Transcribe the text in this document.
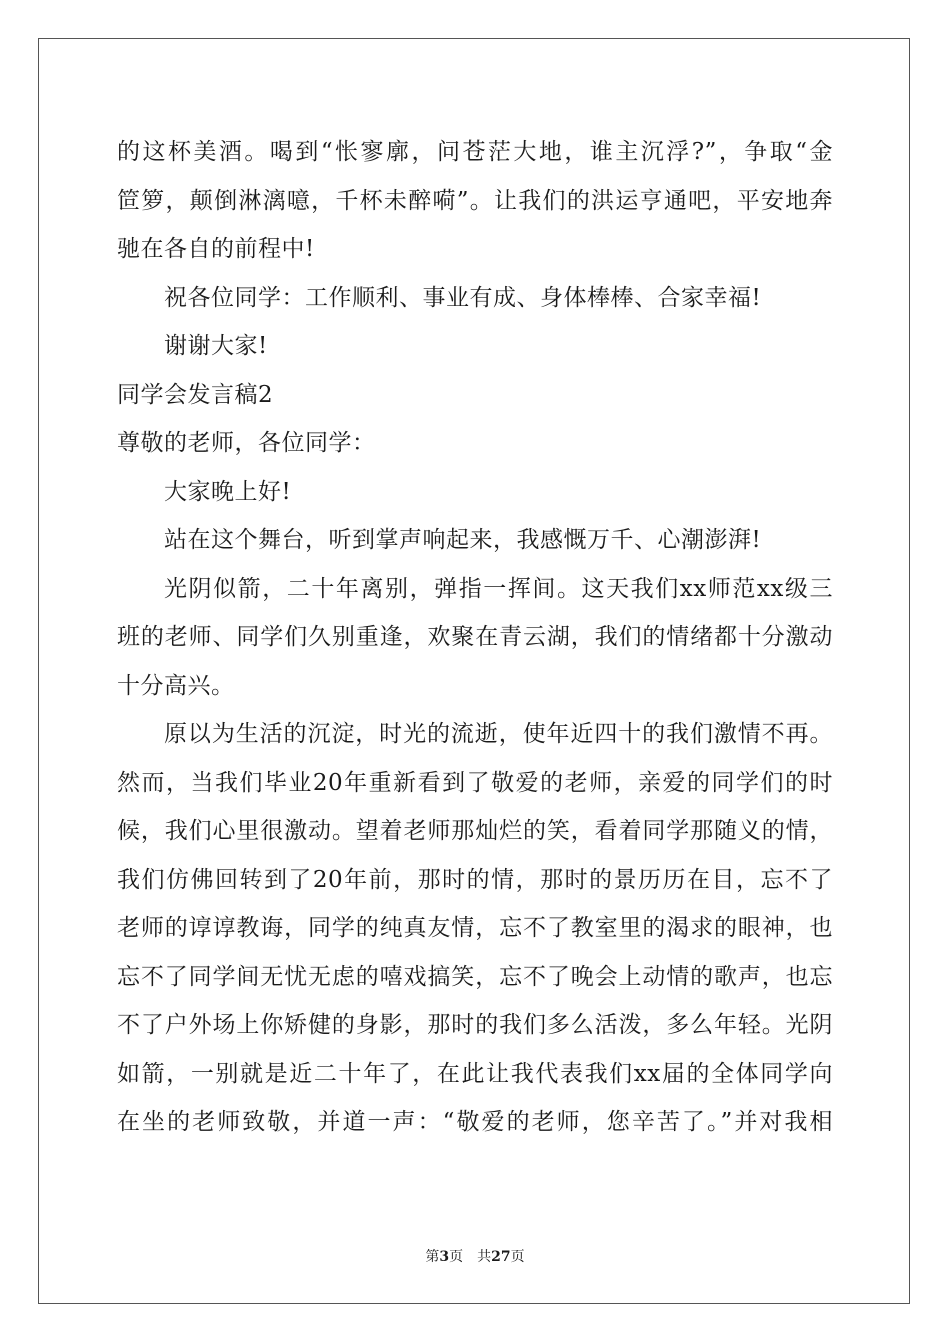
的这杯美酒。喝到“怅寥廓，问苍茫大地，谁主沉浮?”，争取“金
笸箩，颠倒淋漓噫，千杯未醉嗬”。让我们的洪运亨通吧，平安地奔
驰在各自的前程中!
祝各位同学：工作顺利、事业有成、身体棒棒、合家幸福!
谢谢大家!
同学会发言稿2
尊敬的老师，各位同学：
大家晚上好!
站在这个舞台，听到掌声响起来，我感慨万千、心潮澎湃!
光阴似箭，二十年离别，弹指一挥间。这天我们xx师范xx级三
班的老师、同学们久别重逢，欢聚在青云湖，我们的情绪都十分激动
十分高兴。
原以为生活的沉淀，时光的流逝，使年近四十的我们激情不再。
然而，当我们毕业20年重新看到了敬爱的老师，亲爱的同学们的时
候，我们心里很激动。望着老师那灿烂的笑，看着同学那随义的情，
我们仿佛回转到了20年前，那时的情，那时的景历历在目，忘不了
老师的谆谆教诲，同学的纯真友情，忘不了教室里的渴求的眼神，也
忘不了同学间无忧无虑的嘻戏搞笑，忘不了晚会上动情的歌声，也忘
不了户外场上你矫健的身影，那时的我们多么活泼，多么年轻。光阴
如箭，一别就是近二十年了，在此让我代表我们xx届的全体同学向
在坐的老师致敬，并道一声：“敬爱的老师，您辛苦了。”并对我相
第3页 共27页
